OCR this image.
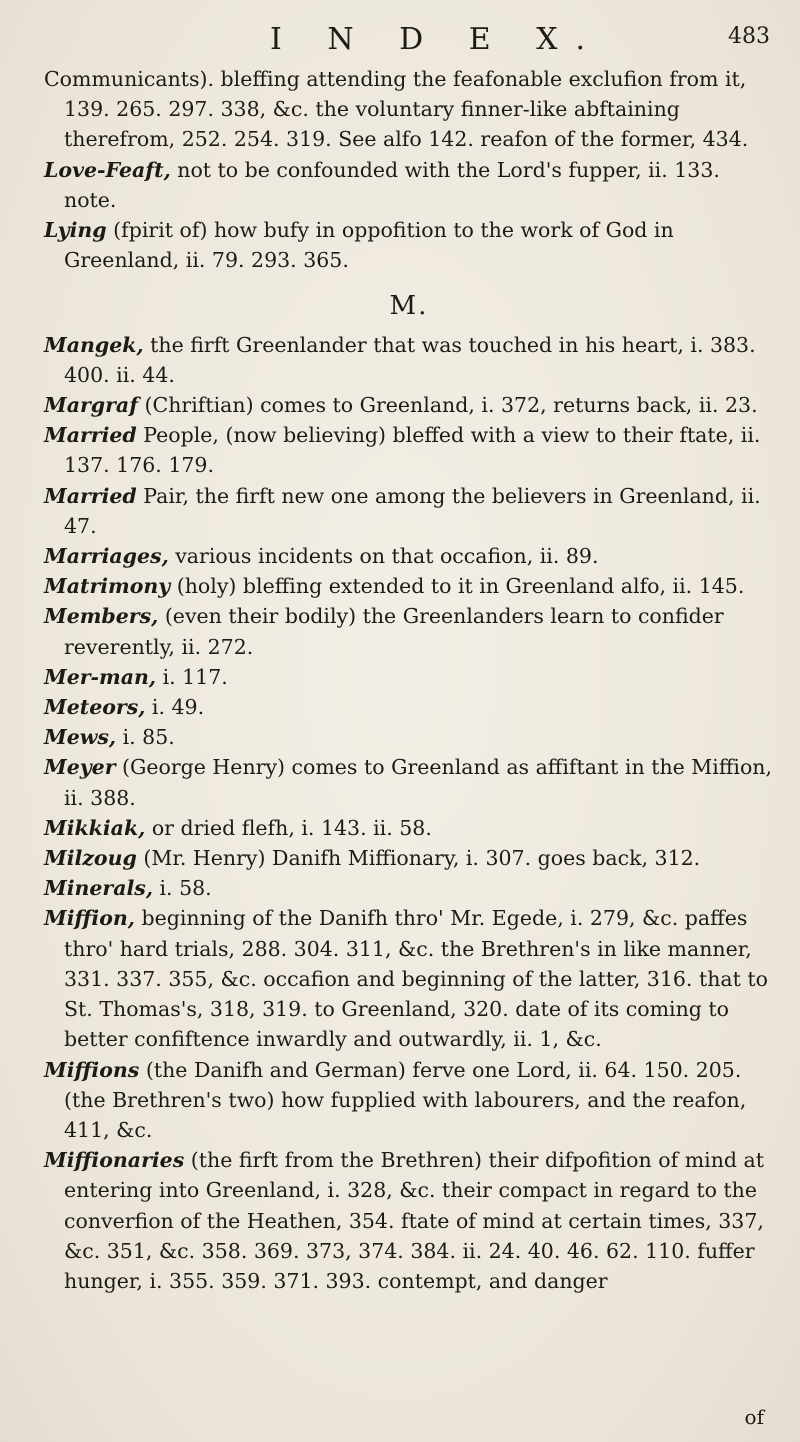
I N D E X.	483

Communicants). bleffing attending the feafonable exclufion from it, 139. 265. 297. 338, &c. the voluntary finner-like abftaining therefrom, 252. 254. 319. See alfo 142. reafon of the former, 434.

Love-Feaft, not to be confounded with the Lord's fupper, ii. 133. note.

Lying (fpirit of) how bufy in oppofition to the work of God in Greenland, ii. 79. 293. 365.

M.

Mangek, the firft Greenlander that was touched in his heart, i. 383. 400. ii. 44.

Margraf (Chriftian) comes to Greenland, i. 372, returns back, ii. 23.

Married People, (now believing) bleffed with a view to their ftate, ii. 137. 176. 179.

Married Pair, the firft new one among the believers in Greenland, ii. 47.

Marriages, various incidents on that occafion, ii. 89.

Matrimony (holy) bleffing extended to it in Greenland alfo, ii. 145.

Members, (even their bodily) the Greenlanders learn to confider reverently, ii. 272.

Mer-man, i. 117.

Meteors, i. 49.

Mews, i. 85.

Meyer (George Henry) comes to Greenland as affiftant in the Miffion, ii. 388.

Mikkiak, or dried flefh, i. 143. ii. 58.

Milzoug (Mr. Henry) Danifh Miffionary, i. 307. goes back, 312.

Minerals, i. 58.

Miffion, beginning of the Danifh thro' Mr. Egede, i. 279, &c. paffes thro' hard trials, 288. 304. 311, &c. the Brethren's in like manner, 331. 337. 355, &c. occafion and beginning of the latter, 316. that to St. Thomas's, 318, 319. to Greenland, 320. date of its coming to better confiftence inwardly and outwardly, ii. 1, &c.

Miffions (the Danifh and German) ferve one Lord, ii. 64. 150. 205. (the Brethren's two) how fupplied with labourers, and the reafon, 411, &c.

Miffionaries (the firft from the Brethren) their difpofition of mind at entering into Greenland, i. 328, &c. their compact in regard to the converfion of the Heathen, 354. ftate of mind at certain times, 337, &c. 351, &c. 358. 369. 373, 374. 384. ii. 24. 40. 46. 62. 110. fuffer hunger, i. 355. 359. 371. 393. contempt, and danger

of
